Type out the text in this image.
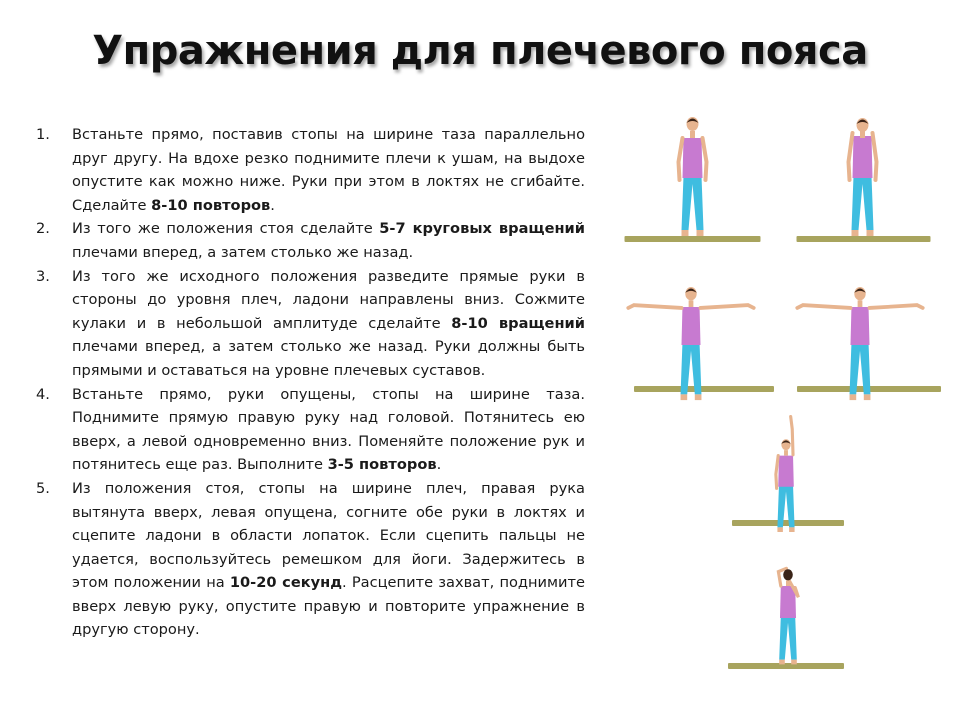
Упражнения для плечевого пояса
1.	Встаньте прямо, поставив стопы на ширине таза параллельно друг другу. На вдохе резко поднимите плечи к ушам, на выдохе опустите как можно ниже. Руки при этом в локтях не сгибайте. Сделайте 8-10 повторов.
2.	Из того же положения стоя сделайте 5-7 круговых вращений плечами вперед, а затем столько же назад.
3.	Из того же исходного положения разведите прямые руки в стороны до уровня плеч, ладони направлены вниз. Сожмите кулаки и в небольшой амплитуде сделайте 8-10 вращений плечами вперед, а затем столько же назад. Руки должны быть прямыми и оставаться на уровне плечевых суставов.
4.	Встаньте прямо, руки опущены, стопы на ширине таза. Поднимите прямую правую руку над головой. Потянитесь ею вверх, а левой одновременно вниз. Поменяйте положение рук и потянитесь еще раз. Выполните 3-5 повторов.
5.	Из положения стоя, стопы на ширине плеч, правая рука вытянута вверх, левая опущена, согните обе руки в локтях и сцепите ладони в области лопаток. Если сцепить пальцы не удается, воспользуйтесь ремешком для йоги. Задержитесь в этом положении на 10-20 секунд. Расцепите захват, поднимите вверх левую руку, опустите правую и повторите упражнение в другую сторону.
